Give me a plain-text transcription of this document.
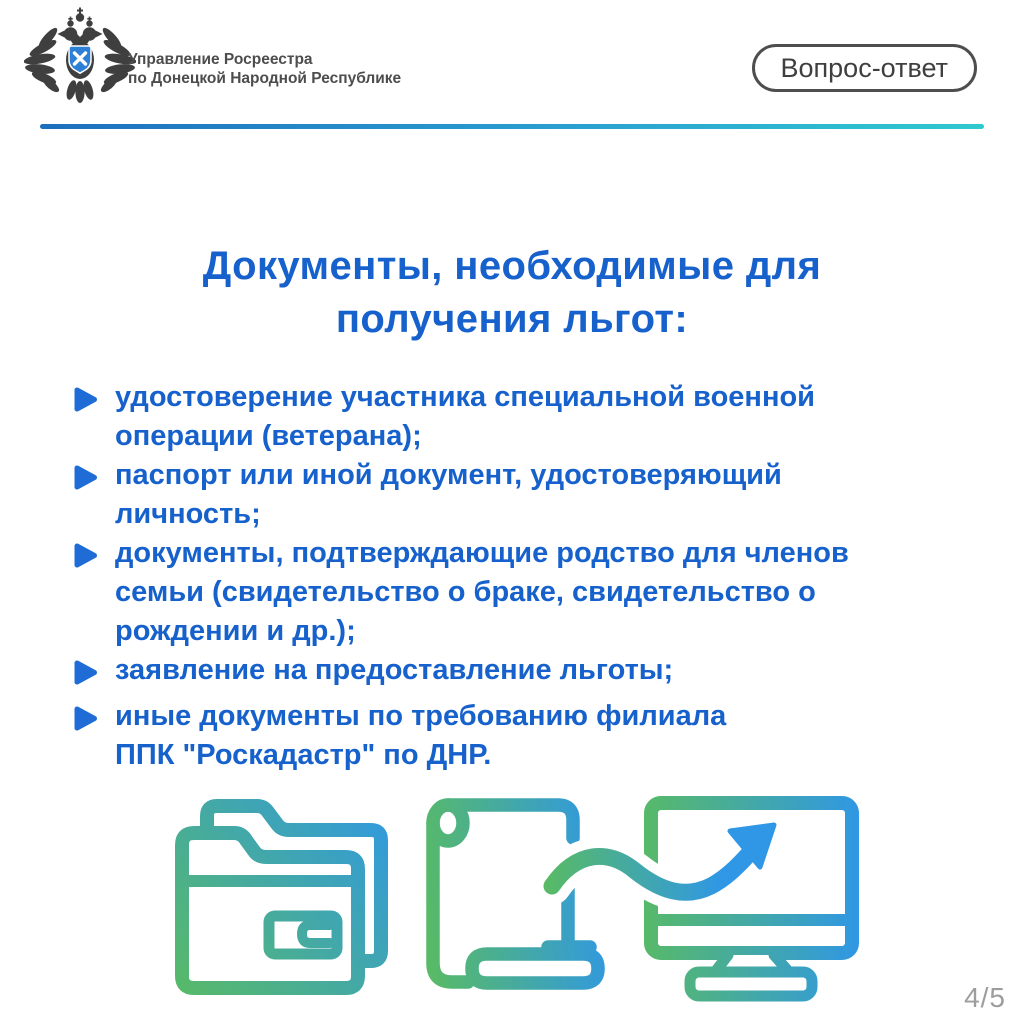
Управление Росреестра
по Донецкой Народной Республике	Вопрос-ответ
Документы, необходимые для
получения льгот:
удостоверение участника специальной военной
операции (ветерана);
паспорт или иной документ, удостоверяющий
личность;
документы, подтверждающие родство для членов
семьи (свидетельство о браке, свидетельство о
рождении и др.);
заявление на предоставление льготы;
иные документы по требованию филиала
ППК "Роскадастр" по ДНР.
4/5
